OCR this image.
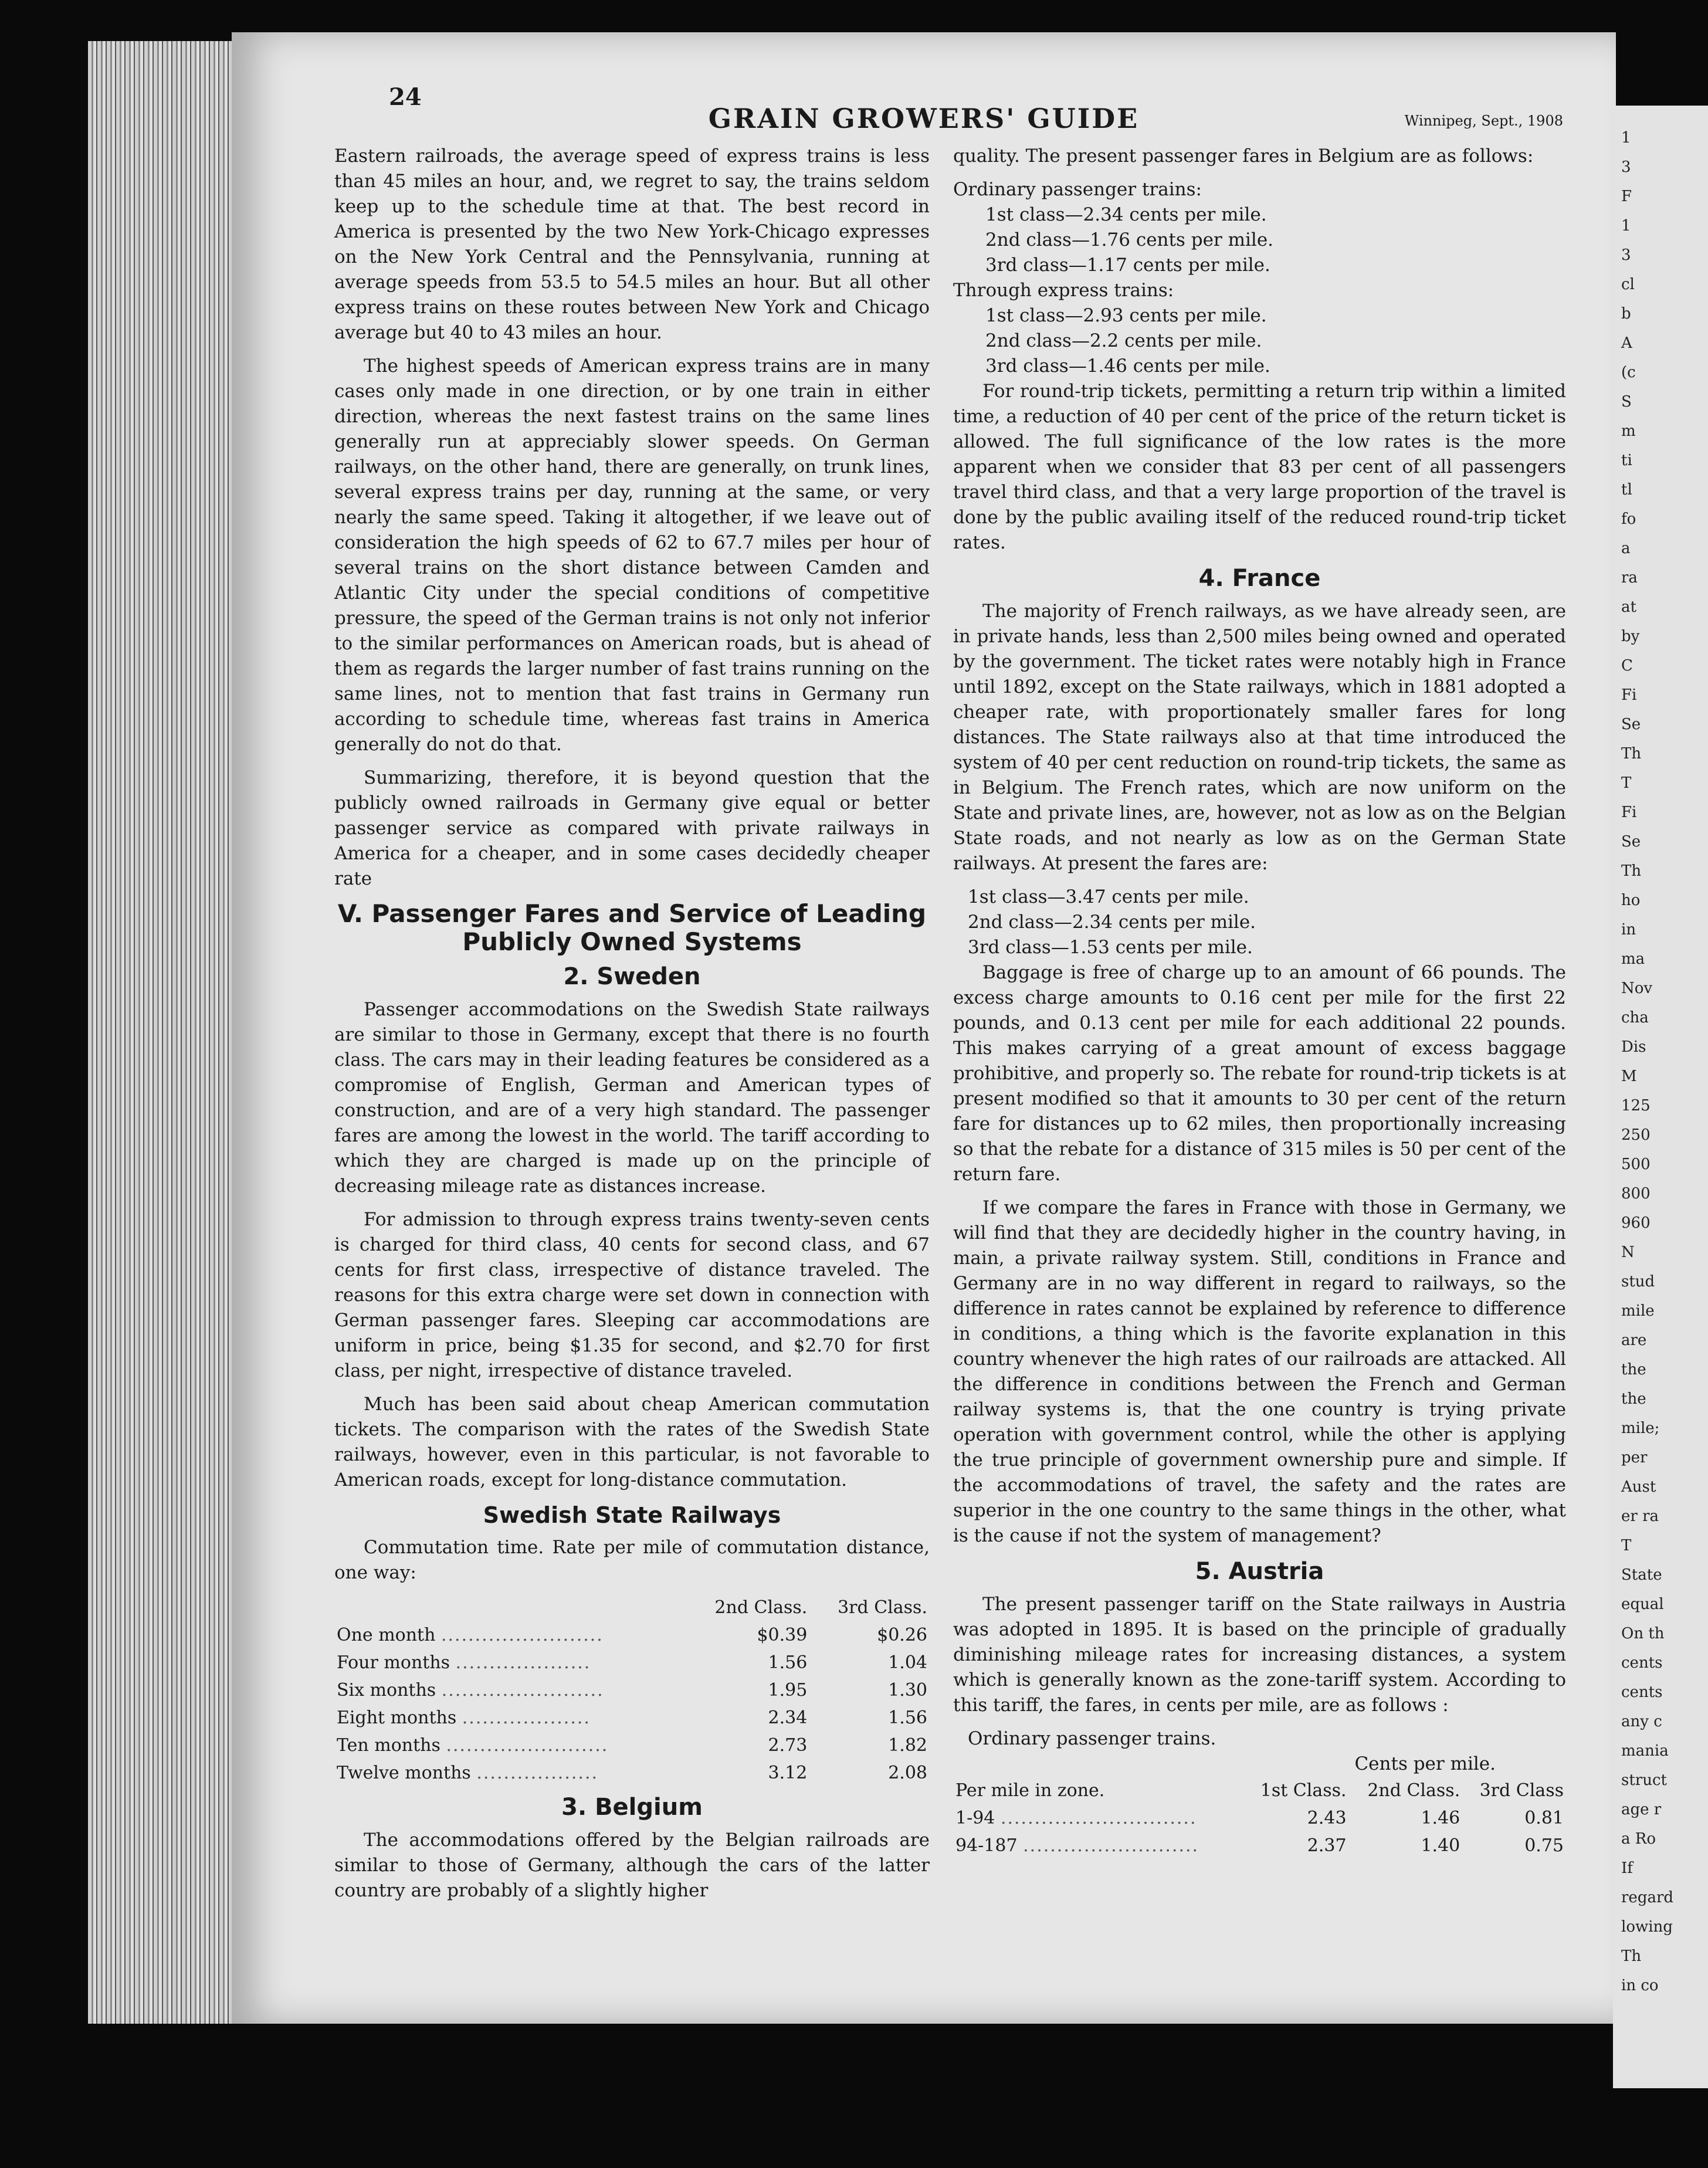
24
GRAIN GROWERS' GUIDE	Winnipeg, Sept., 1908

Eastern railroads, the average speed of express trains is less than 45 miles an hour, and, we regret to say, the trains seldom keep up to the schedule time at that. The best record in America is presented by the two New York-Chicago expresses on the New York Central and the Pennsylvania, running at average speeds from 53.5 to 54.5 miles an hour. But all other express trains on these routes between New York and Chicago average but 40 to 43 miles an hour.

The highest speeds of American express trains are in many cases only made in one direction, or by one train in either direction, whereas the next fastest trains on the same lines generally run at appreciably slower speeds. On German railways, on the other hand, there are generally, on trunk lines, several express trains per day, running at the same, or very nearly the same speed. Taking it altogether, if we leave out of consideration the high speeds of 62 to 67.7 miles per hour of several trains on the short distance between Camden and Atlantic City under the special conditions of competitive pressure, the speed of the German trains is not only not inferior to the similar performances on American roads, but is ahead of them as regards the larger number of fast trains running on the same lines, not to mention that fast trains in Germany run according to schedule time, whereas fast trains in America generally do not do that.

Summarizing, therefore, it is beyond question that the publicly owned railroads in Germany give equal or better passenger service as compared with private railways in America for a cheaper, and in some cases decidedly cheaper rate

V. Passenger Fares and Service of Leading Publicly Owned Systems
2. Sweden

Passenger accommodations on the Swedish State railways are similar to those in Germany, except that there is no fourth class. The cars may in their leading features be considered as a compromise of English, German and American types of construction, and are of a very high standard. The passenger fares are among the lowest in the world. The tariff according to which they are charged is made up on the principle of decreasing mileage rate as distances increase.

For admission to through express trains twenty-seven cents is charged for third class, 40 cents for second class, and 67 cents for first class, irrespective of distance traveled. The reasons for this extra charge were set down in connection with German passenger fares. Sleeping car accommodations are uniform in price, being $1.35 for second, and $2.70 for first class, per night, irrespective of distance traveled.

Much has been said about cheap American commutation tickets. The comparison with the rates of the Swedish State railways, however, even in this particular, is not favorable to American roads, except for long-distance commutation.

Swedish State Railways

Commutation time. Rate per mile of commutation distance, one way:

	2nd Class.	3rd Class.
One month ........................	$0.39	$0.26
Four months ....................	1.56	1.04
Six months ........................	1.95	1.30
Eight months ...................	2.34	1.56
Ten months ........................	2.73	1.82
Twelve months ..................	3.12	2.08
3. Belgium

The accommodations offered by the Belgian railroads are similar to those of Germany, although the cars of the latter country are probably of a slightly higher

quality. The present passenger fares in Belgium are as follows:

Ordinary passenger trains:
1st class—2.34 cents per mile.
2nd class—1.76 cents per mile.
3rd class—1.17 cents per mile.
Through express trains:
1st class—2.93 cents per mile.
2nd class—2.2 cents per mile.
3rd class—1.46 cents per mile.

For round-trip tickets, permitting a return trip within a limited time, a reduction of 40 per cent of the price of the return ticket is allowed. The full significance of the low rates is the more apparent when we consider that 83 per cent of all passengers travel third class, and that a very large proportion of the travel is done by the public availing itself of the reduced round-trip ticket rates.

4. France

The majority of French railways, as we have already seen, are in private hands, less than 2,500 miles being owned and operated by the government. The ticket rates were notably high in France until 1892, except on the State railways, which in 1881 adopted a cheaper rate, with proportionately smaller fares for long distances. The State railways also at that time introduced the system of 40 per cent reduction on round-trip tickets, the same as in Belgium. The French rates, which are now uniform on the State and private lines, are, however, not as low as on the Belgian State roads, and not nearly as low as on the German State railways. At present the fares are:

1st class—3.47 cents per mile.
2nd class—2.34 cents per mile.
3rd class—1.53 cents per mile.

Baggage is free of charge up to an amount of 66 pounds. The excess charge amounts to 0.16 cent per mile for the first 22 pounds, and 0.13 cent per mile for each additional 22 pounds. This makes carrying of a great amount of excess baggage prohibitive, and properly so. The rebate for round-trip tickets is at present modified so that it amounts to 30 per cent of the return fare for distances up to 62 miles, then proportionally increasing so that the rebate for a distance of 315 miles is 50 per cent of the return fare.

If we compare the fares in France with those in Germany, we will find that they are decidedly higher in the country having, in main, a private railway system. Still, conditions in France and Germany are in no way different in regard to railways, so the difference in rates cannot be explained by reference to difference in conditions, a thing which is the favorite explanation in this country whenever the high rates of our railroads are attacked. All the difference in conditions between the French and German railway systems is, that the one country is trying private operation with government control, while the other is applying the true principle of government ownership pure and simple. If the accommodations of travel, the safety and the rates are superior in the one country to the same things in the other, what is the cause if not the system of management?

5. Austria

The present passenger tariff on the State railways in Austria was adopted in 1895. It is based on the principle of gradually diminishing mileage rates for increasing distances, a system which is generally known as the zone-tariff system. According to this tariff, the fares, in cents per mile, are as follows :

Ordinary passenger trains.
Cents per mile.
Per mile in zone.	1st Class.	2nd Class.	3rd Class
1-94 .............................	2.43	1.46	0.81
94-187 ..........................	2.37	1.40	0.75
1
3
F
1
3
cl
b
A
(c
S
m
ti
tl
fo
a
ra
at
by
C
Fi
Se
Th
T
Fi
Se
Th
ho
in
ma
Nov
cha
Dis
M
125
250
500
800
960
N
stud
mile
are
the
the
mile;
per
Aust
er ra
T
State
equal
On th
cents
cents
any c
mania
struct
age r
a Ro
If
regard
lowing
Th
in co
